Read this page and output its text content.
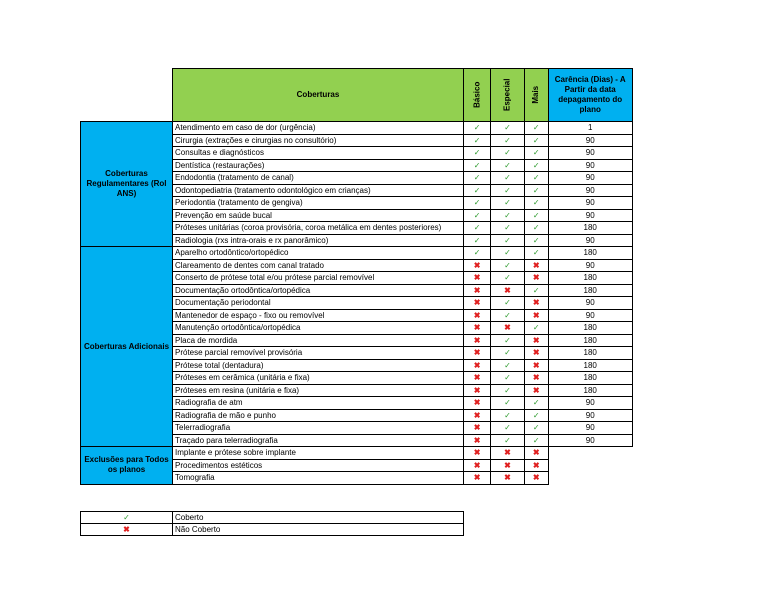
	Coberturas	Básico	Especial	Mais	Carência (Dias) - A Partir da data depagamento do plano
Coberturas Regulamentares (Rol ANS)	Atendimento em caso de dor (urgência)	✓	✓	✓	1
	Cirurgia (extrações e cirurgias no consultório)	✓	✓	✓	90
	Consultas e diagnósticos	✓	✓	✓	90
	Dentística (restaurações)	✓	✓	✓	90
	Endodontia (tratamento de canal)	✓	✓	✓	90
	Odontopediatria (tratamento odontológico em crianças)	✓	✓	✓	90
	Periodontia (tratamento de gengiva)	✓	✓	✓	90
	Prevenção em saúde bucal	✓	✓	✓	90
	Próteses unitárias (coroa provisória, coroa metálica em dentes posteriores)	✓	✓	✓	180
	Radiologia (rxs intra-orais e rx panorâmico)	✓	✓	✓	90
Coberturas Adicionais	Aparelho ortodôntico/ortopédico	✓	✓	✓	180
	Clareamento de dentes com canal tratado	✖	✓	✖	90
	Conserto de prótese total e/ou prótese parcial removível	✖	✓	✖	180
	Documentação ortodôntica/ortopédica	✖	✖	✓	180
	Documentação periodontal	✖	✓	✖	90
	Mantenedor de espaço - fixo ou removível	✖	✓	✖	90
	Manutenção ortodôntica/ortopédica	✖	✖	✓	180
	Placa de mordida	✖	✓	✖	180
	Prótese parcial removível provisória	✖	✓	✖	180
	Prótese total (dentadura)	✖	✓	✖	180
	Próteses em cerâmica (unitária e fixa)	✖	✓	✖	180
	Próteses em resina (unitária e fixa)	✖	✓	✖	180
	Radiografia de atm	✖	✓	✓	90
	Radiografia de mão e punho	✖	✓	✓	90
	Telerradiografia	✖	✓	✓	90
	Traçado para telerradiografia	✖	✓	✓	90
Exclusões para Todos os planos	Implante e prótese sobre implante	✖	✖	✖	
	Procedimentos estéticos	✖	✖	✖	
	Tomografia	✖	✖	✖	
✓	Coberto
✖	Não Coberto
